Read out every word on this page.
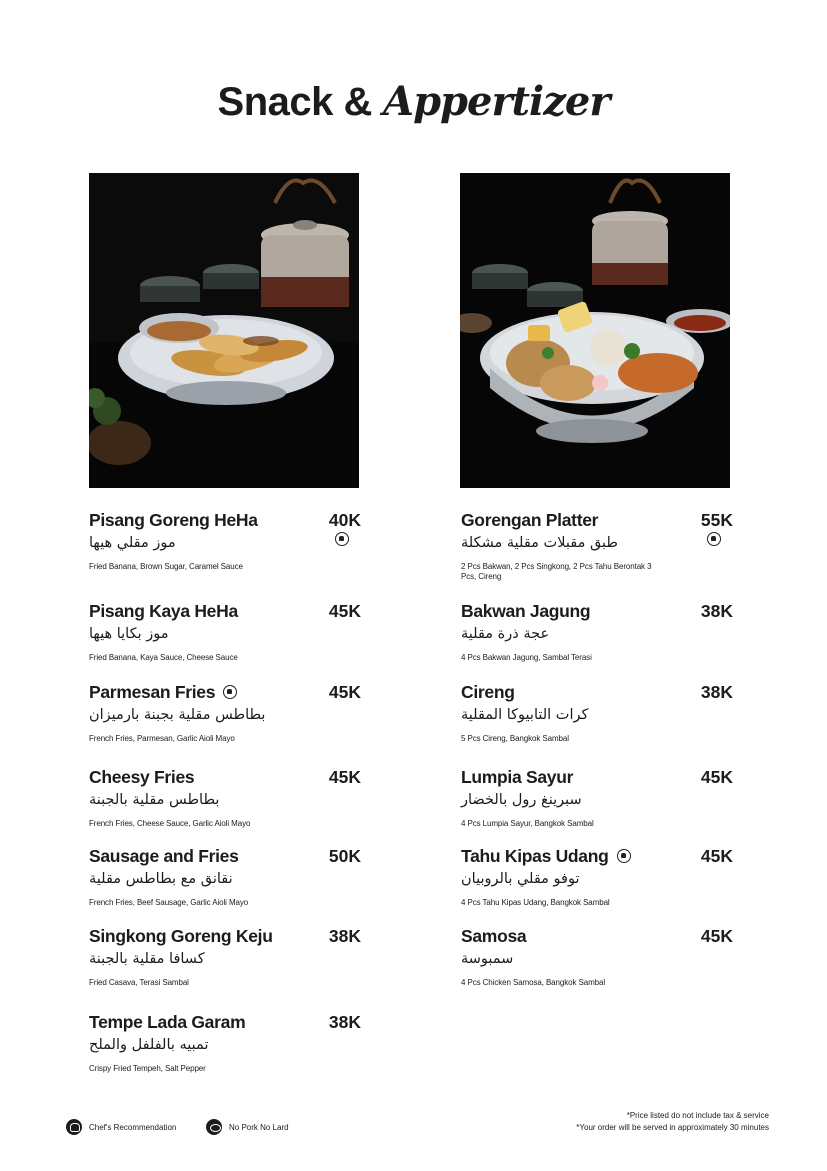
Snack & Appertizer
Pisang Goreng HeHa	40K
موز مقلي هيها
Fried Banana, Brown Sugar, Caramel Sauce
Pisang Kaya HeHa	45K
موز بكايا هيها
Fried Banana, Kaya Sauce, Cheese Sauce
Parmesan Fries	45K
بطاطس مقلية بجبنة بارميزان
French Fries, Parmesan, Garlic Aioli Mayo
Cheesy Fries	45K
بطاطس مقلية بالجبنة
French Fries, Cheese Sauce, Garlic Aioli Mayo
Sausage and Fries	50K
نقانق مع بطاطس مقلية
French Fries, Beef Sausage, Garlic Aioli Mayo
Singkong Goreng Keju	38K
كسافا مقلية بالجبنة
Fried Casava, Terasi Sambal
Tempe Lada Garam	38K
تمبيه بالفلفل والملح
Crispy Fried Tempeh, Salt Pepper
Gorengan Platter	55K
طبق مقبلات مقلية مشكلة
2 Pcs Bakwan, 2 Pcs Singkong, 2 Pcs Tahu Berontak 3 Pcs, Cireng
Bakwan Jagung	38K
عجة ذرة مقلية
4 Pcs Bakwan Jagung, Sambal Terasi
Cireng	38K
كرات التابيوكا المقلية
5 Pcs Cireng, Bangkok Sambal
Lumpia Sayur	45K
سبرينغ رول بالخضار
4 Pcs Lumpia Sayur, Bangkok Sambal
Tahu Kipas Udang	45K
توفو مقلي بالروبيان
4 Pcs Tahu Kipas Udang, Bangkok Sambal
Samosa	45K
سمبوسة
4 Pcs Chicken Samosa, Bangkok Sambal
Chef's Recommendation	No Pork No Lard
*Price listed do not include tax & service
*Your order will be served in approximately 30 minutes
